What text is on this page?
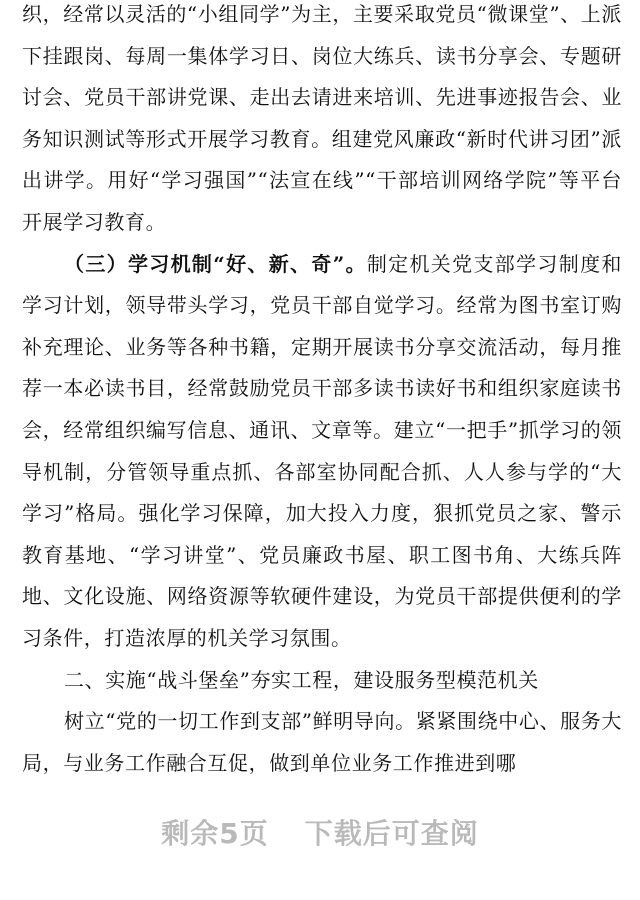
织，经常以灵活的“小组同学”为主，主要采取党员“微课堂”、上派下挂跟岗、每周一集体学习日、岗位大练兵、读书分享会、专题研讨会、党员干部讲党课、走出去请进来培训、先进事迹报告会、业务知识测试等形式开展学习教育。组建党风廉政“新时代讲习团”派出讲学。用好“学习强国”“法宣在线”“干部培训网络学院”等平台开展学习教育。

（三）学习机制“好、新、奇”。制定机关党支部学习制度和学习计划，领导带头学习，党员干部自觉学习。经常为图书室订购补充理论、业务等各种书籍，定期开展读书分享交流活动，每月推荐一本必读书目，经常鼓励党员干部多读书读好书和组织家庭读书会，经常组织编写信息、通讯、文章等。建立“一把手”抓学习的领导机制，分管领导重点抓、各部室协同配合抓、人人参与学的“大学习”格局。强化学习保障，加大投入力度，狠抓党员之家、警示教育基地、“学习讲堂”、党员廉政书屋、职工图书角、大练兵阵地、文化设施、网络资源等软硬件建设，为党员干部提供便利的学习条件，打造浓厚的机关学习氛围。

二、实施“战斗堡垒”夯实工程，建设服务型模范机关

树立“党的一切工作到支部”鲜明导向。紧紧围绕中心、服务大局，与业务工作融合互促，做到单位业务工作推进到哪

剩余5页 下载后可查阅
